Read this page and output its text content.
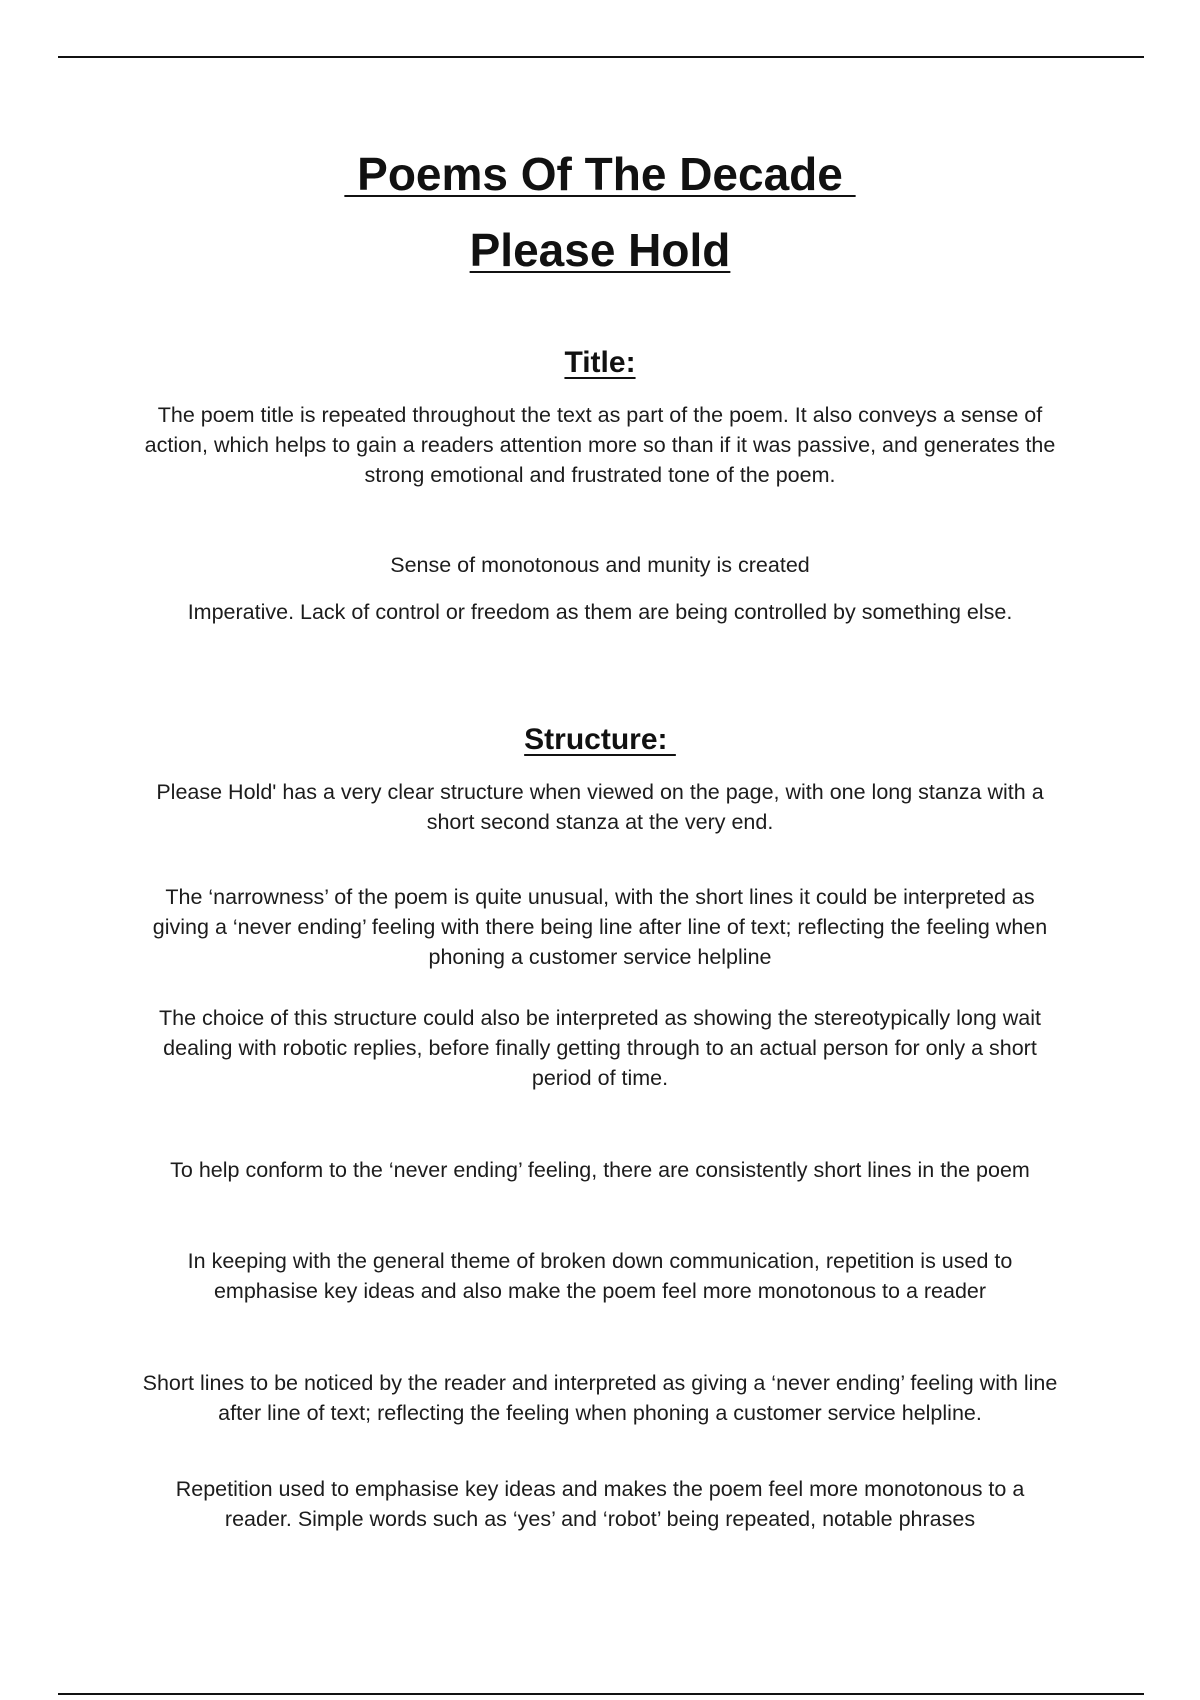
Poems Of The Decade
Please Hold
Title:
The poem title is repeated throughout the text as part of the poem. It also conveys a sense of action, which helps to gain a readers attention more so than if it was passive, and generates the strong emotional and frustrated tone of the poem.
Sense of monotonous and munity is created
Imperative. Lack of control or freedom as them are being controlled by something else.
Structure:
Please Hold' has a very clear structure when viewed on the page, with one long stanza with a short second stanza at the very end.
The ‘narrowness’ of the poem is quite unusual, with the short lines it could be interpreted as giving a ‘never ending’ feeling with there being line after line of text; reflecting the feeling when phoning a customer service helpline
The choice of this structure could also be interpreted as showing the stereotypically long wait dealing with robotic replies, before finally getting through to an actual person for only a short period of time.
To help conform to the ‘never ending’ feeling, there are consistently short lines in the poem
In keeping with the general theme of broken down communication, repetition is used to emphasise key ideas and also make the poem feel more monotonous to a reader
Short lines to be noticed by the reader and interpreted as giving a ‘never ending’ feeling with line after line of text; reflecting the feeling when phoning a customer service helpline.
Repetition used to emphasise key ideas and makes the poem feel more monotonous to a reader. Simple words such as ‘yes’ and ‘robot’ being repeated, notable phrases
